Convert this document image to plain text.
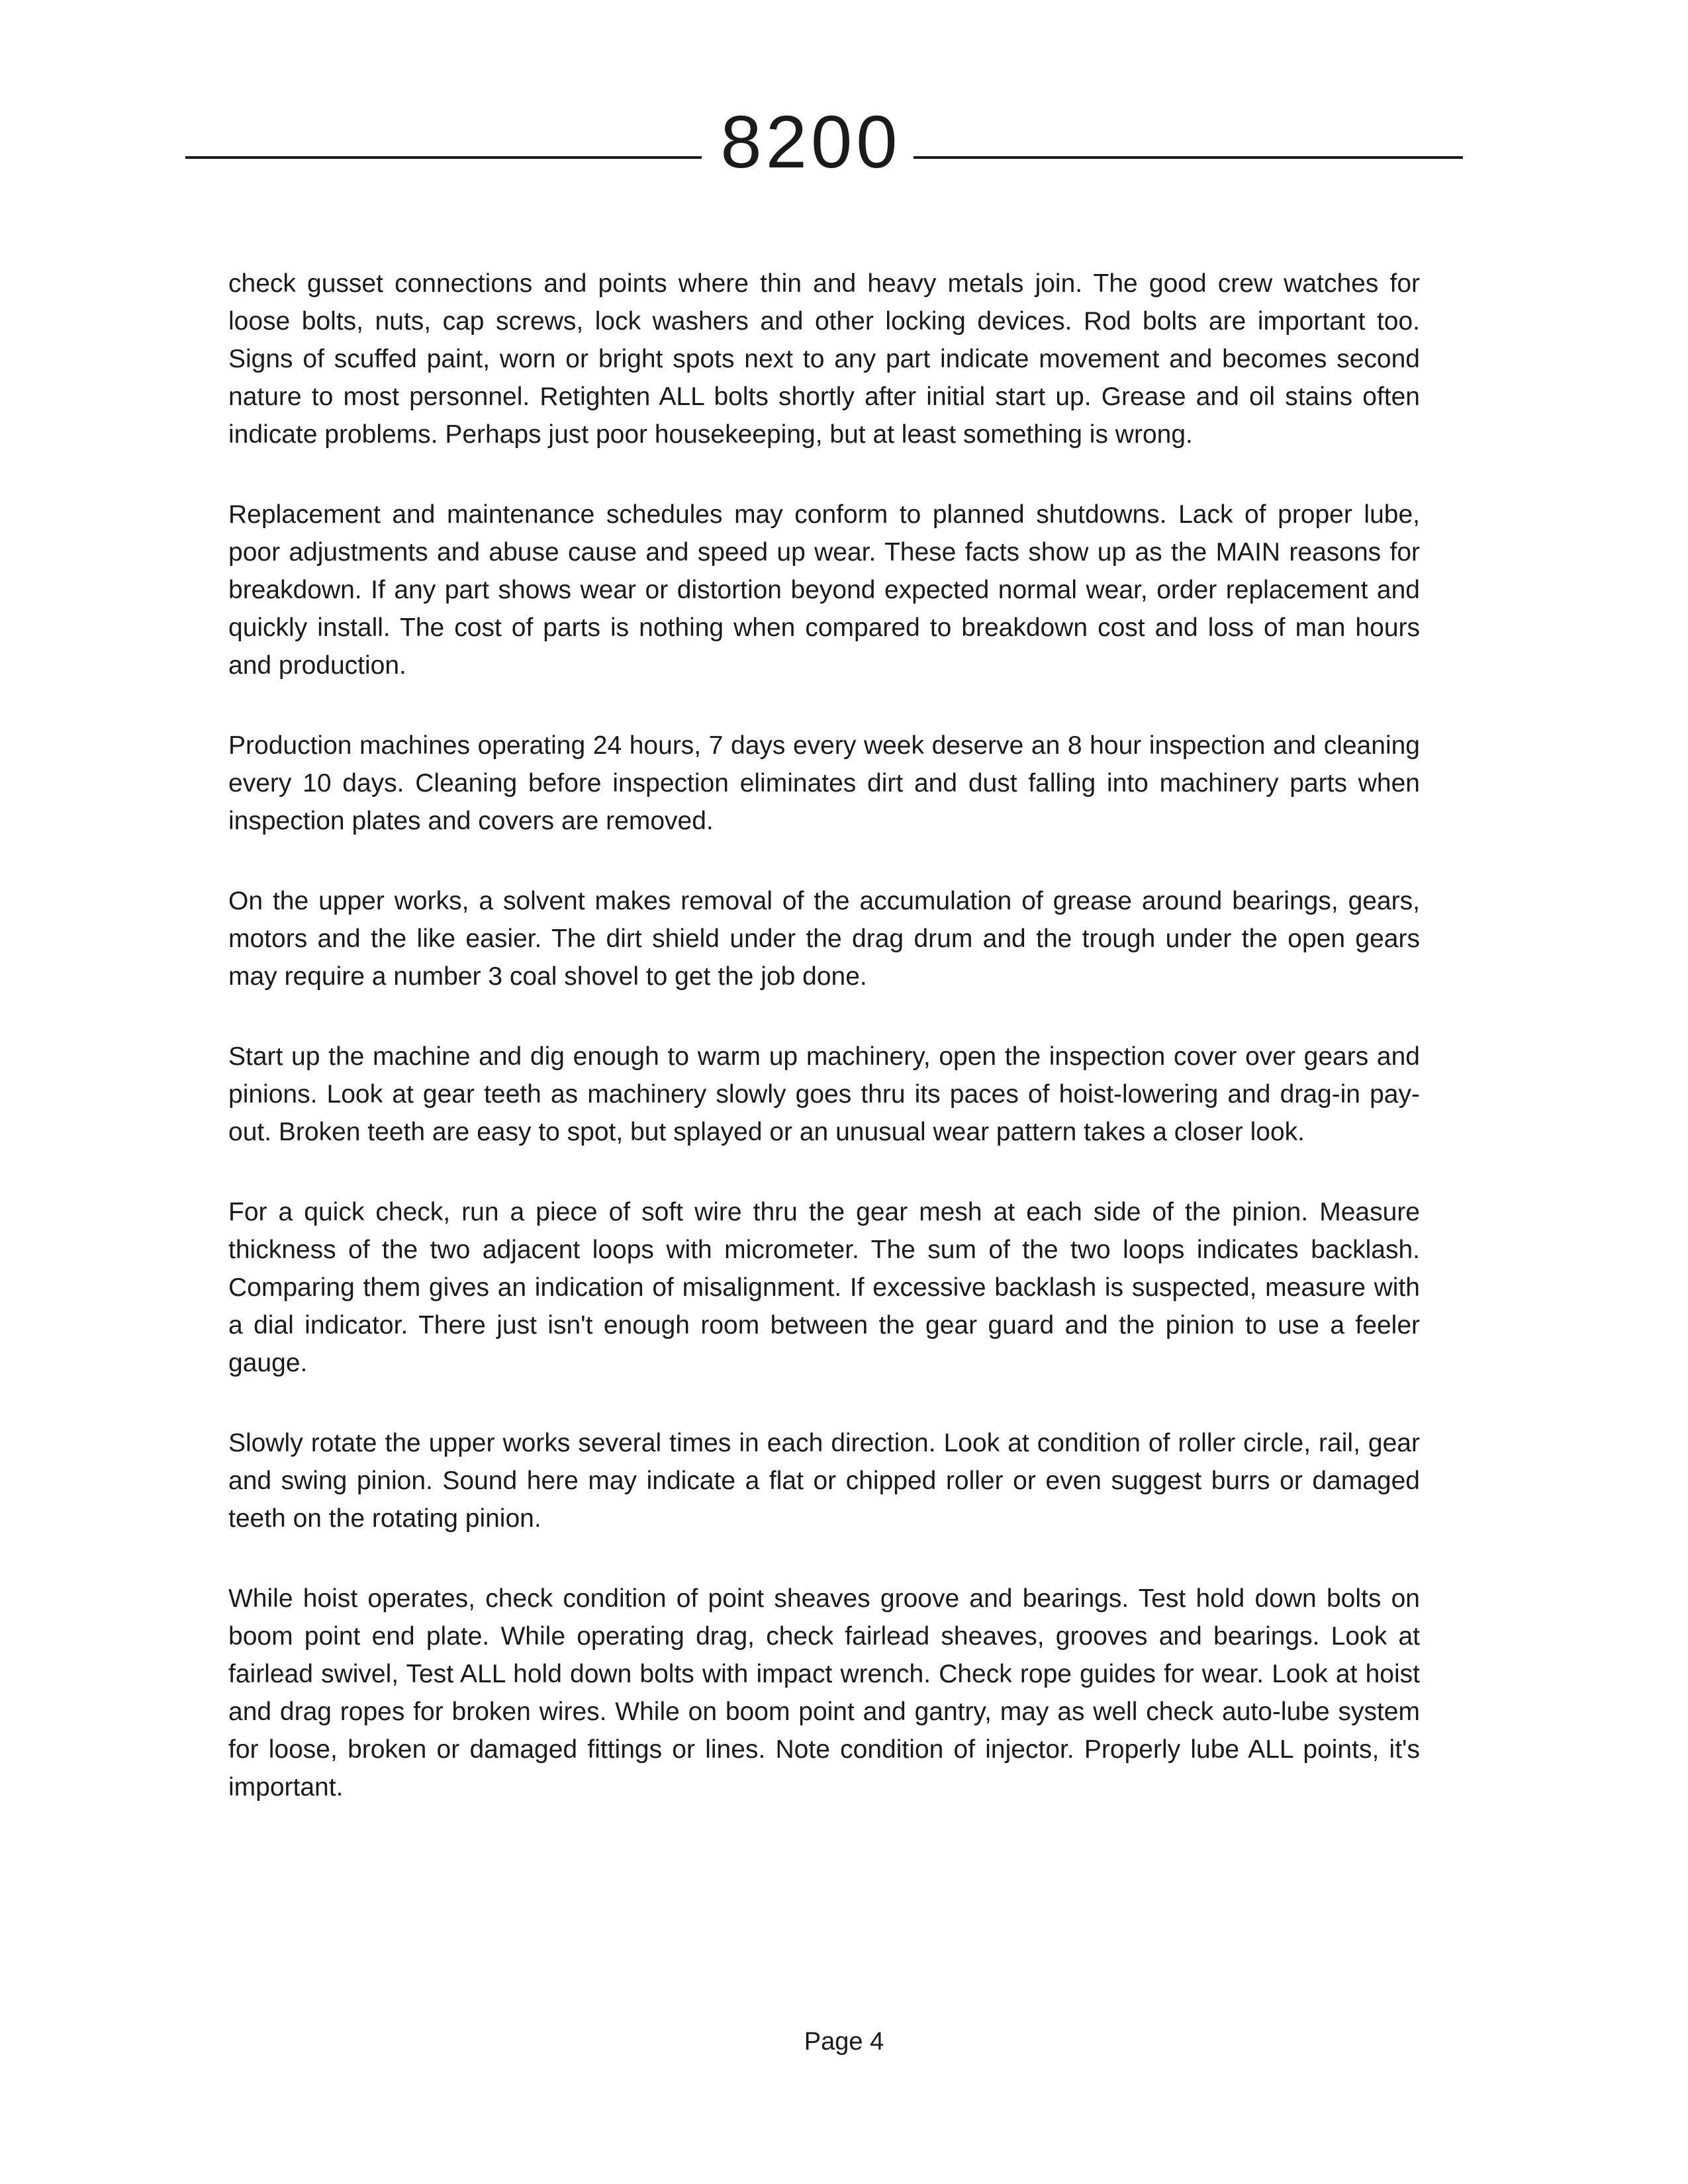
8200

check gusset connections and points where thin and heavy metals join. The good crew watches for loose bolts, nuts, cap screws, lock washers and other locking devices. Rod bolts are important too. Signs of scuffed paint, worn or bright spots next to any part indicate movement and becomes second nature to most personnel. Retighten ALL bolts shortly after initial start up. Grease and oil stains often indicate problems. Perhaps just poor housekeeping, but at least something is wrong.

Replacement and maintenance schedules may conform to planned shutdowns. Lack of proper lube, poor adjustments and abuse cause and speed up wear. These facts show up as the MAIN reasons for breakdown. If any part shows wear or distortion beyond expected normal wear, order replacement and quickly install. The cost of parts is nothing when compared to breakdown cost and loss of man hours and production.

Production machines operating 24 hours, 7 days every week deserve an 8 hour inspection and cleaning every 10 days. Cleaning before inspection eliminates dirt and dust falling into machinery parts when inspection plates and covers are removed.

On the upper works, a solvent makes removal of the accumulation of grease around bearings, gears, motors and the like easier. The dirt shield under the drag drum and the trough under the open gears may require a number 3 coal shovel to get the job done.

Start up the machine and dig enough to warm up machinery, open the inspection cover over gears and pinions. Look at gear teeth as machinery slowly goes thru its paces of hoist-lowering and drag-in pay-out. Broken teeth are easy to spot, but splayed or an unusual wear pattern takes a closer look.

For a quick check, run a piece of soft wire thru the gear mesh at each side of the pinion. Measure thickness of the two adjacent loops with micrometer. The sum of the two loops indicates backlash. Comparing them gives an indication of misalignment. If excessive backlash is suspected, measure with a dial indicator. There just isn't enough room between the gear guard and the pinion to use a feeler gauge.

Slowly rotate the upper works several times in each direction. Look at condition of roller circle, rail, gear and swing pinion. Sound here may indicate a flat or chipped roller or even suggest burrs or damaged teeth on the rotating pinion.

While hoist operates, check condition of point sheaves groove and bearings. Test hold down bolts on boom point end plate. While operating drag, check fairlead sheaves, grooves and bearings. Look at fairlead swivel, Test ALL hold down bolts with impact wrench. Check rope guides for wear. Look at hoist and drag ropes for broken wires. While on boom point and gantry, may as well check auto-lube system for loose, broken or damaged fittings or lines. Note condition of injector. Properly lube ALL points, it's important.

Page 4
